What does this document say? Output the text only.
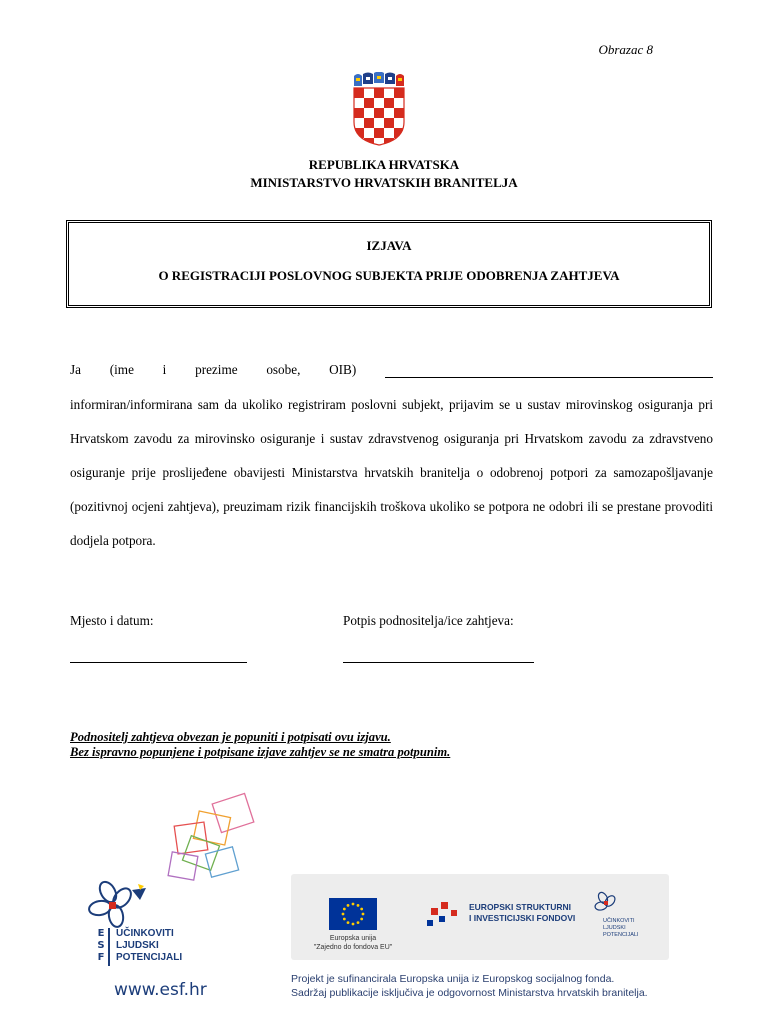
Obrazac 8
REPUBLIKA HRVATSKA
MINISTARSTVO HRVATSKIH BRANITELJA
IZJAVA
O REGISTRACIJI POSLOVNOG SUBJEKTA PRIJE ODOBRENJA ZAHTJEVA
Ja (ime i prezime osobe, OIB)
informiran/informirana sam da ukoliko registriram poslovni subjekt, prijavim se u sustav mirovinskog osiguranja pri Hrvatskom zavodu za mirovinsko osiguranje i sustav zdravstvenog osiguranja pri Hrvatskom zavodu za zdravstveno osiguranje prije proslijeđene obavijesti Ministarstva hrvatskih branitelja o odobrenoj potpori za samozapošljavanje (pozitivnoj ocjeni zahtjeva), preuzimam rizik financijskih troškova ukoliko se potpora ne odobri ili se prestane provoditi dodjela potpora.
Mjesto i datum:	Potpis podnositelja/ice zahtjeva:
Podnositelj zahtjeva obvezan je popuniti i potpisati ovu izjavu.
Bez ispravno popunjene i potpisane izjave zahtjev se ne smatra potpunim.
E
S
F
UČINKOVITI
LJUDSKI
POTENCIJALI
www.esf.hr
Europska unija
"Zajedno do fondova EU"
EUROPSKI STRUKTURNI
I INVESTICIJSKI FONDOVI	UČINKOVITI
LJUDSKI
POTENCIJALI
Projekt je sufinancirala Europska unija iz Europskog socijalnog fonda.
Sadržaj publikacije isključiva je odgovornost Ministarstva hrvatskih branitelja.
